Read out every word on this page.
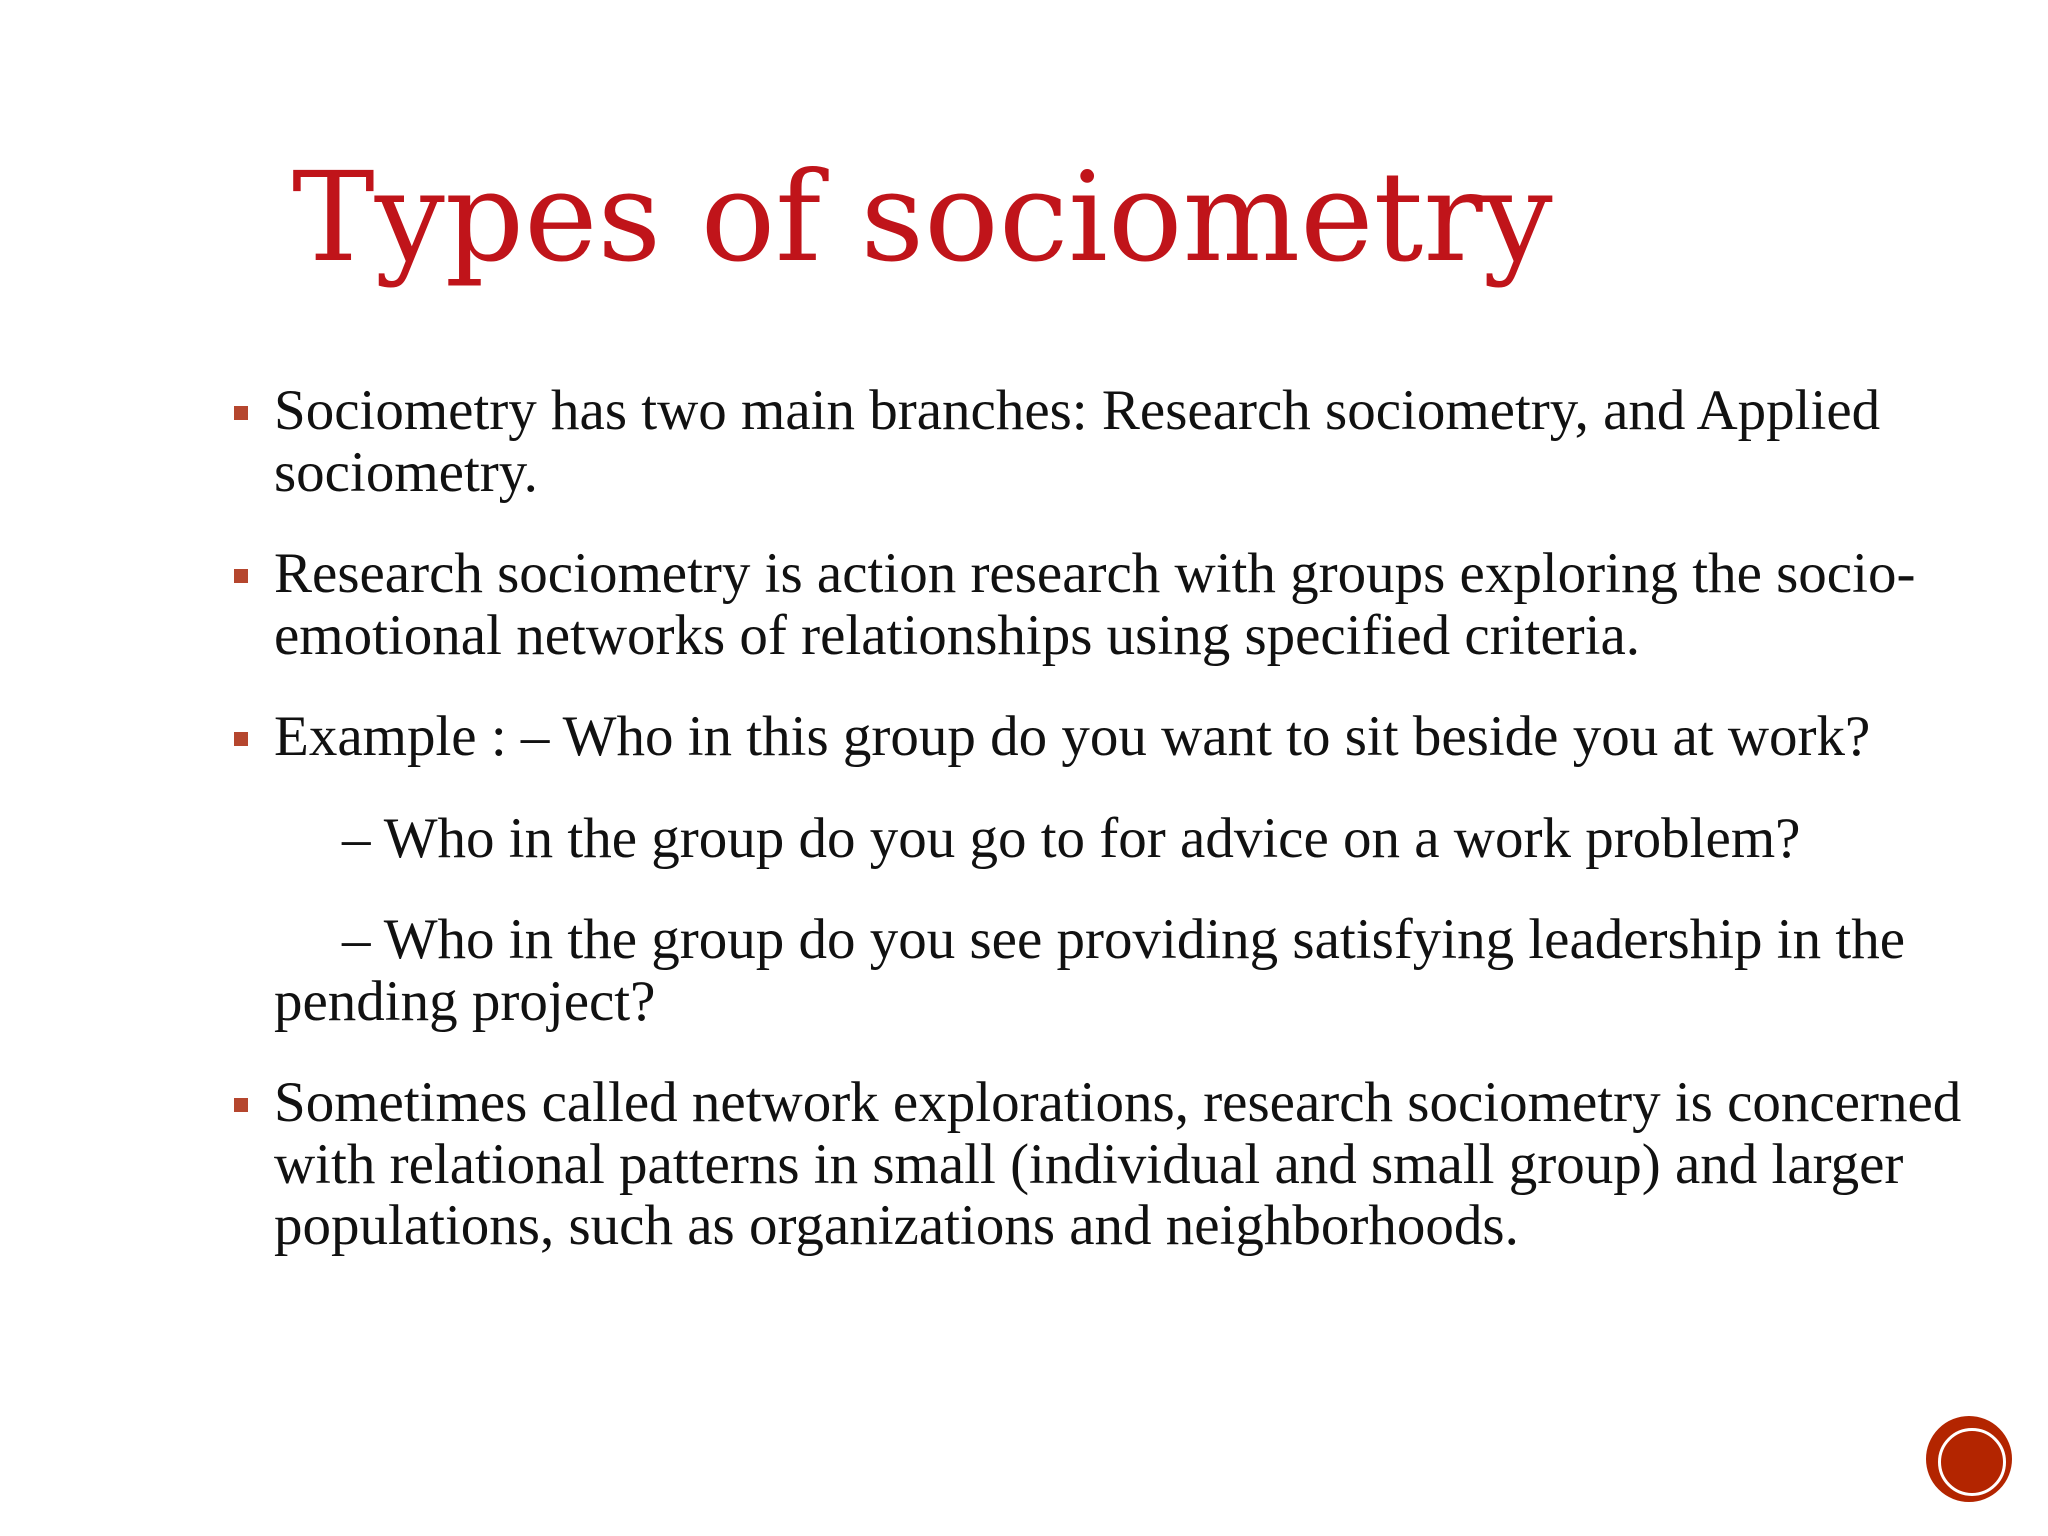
Types of sociometry
Sociometry has two main branches: Research sociometry, and Applied sociometry.
Research sociometry is action research with groups exploring the socio-emotional networks of relationships using specified criteria.
Example : – Who in this group do you want to sit beside you at work?
– Who in the group do you go to for advice on a work problem?
– Who in the group do you see providing satisfying leadership in the pending project?
Sometimes called network explorations, research sociometry is concerned with relational patterns in small (individual and small group) and larger populations, such as organizations and neighborhoods.
